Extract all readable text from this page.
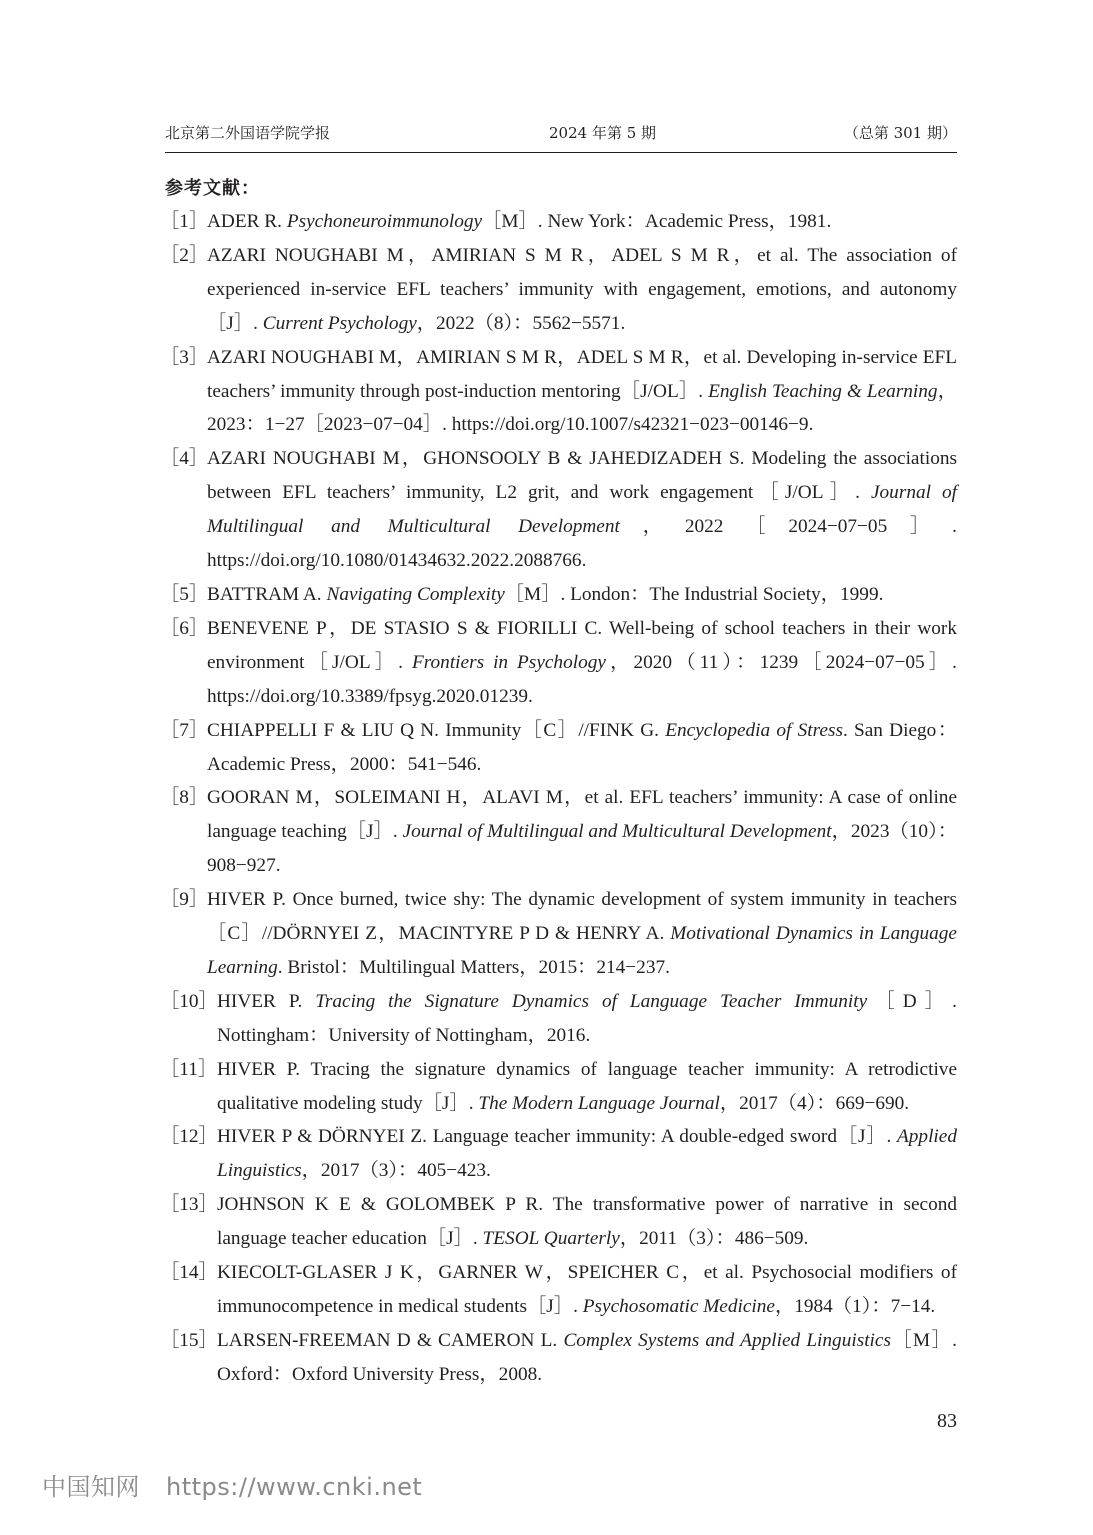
北京第二外国语学院学报	2024 年第 5 期	（总第 301 期）
参考文献：
［1］
ADER R. Psychoneuroimmunology［M］. New York：Academic Press，1981.
［2］
AZARI NOUGHABI M，AMIRIAN S M R，ADEL S M R，et al. The association of experienced in-service EFL teachers’ immunity with engagement, emotions, and autonomy［J］. Current Psychology，2022（8）：5562−5571.
［3］
AZARI NOUGHABI M，AMIRIAN S M R，ADEL S M R，et al. Developing in-service EFL teachers’ immunity through post-induction mentoring［J/OL］. English Teaching & Learning，2023：1−27［2023−07−04］. https://doi.org/10.1007/s42321−023−00146−9.
［4］
AZARI NOUGHABI M，GHONSOOLY B & JAHEDIZADEH S. Modeling the associations between EFL teachers’ immunity, L2 grit, and work engagement［J/OL］. Journal of Multilingual and Multicultural Development，2022［2024−07−05］. https://doi.org/10.1080/01434632.2022.2088766.
［5］
BATTRAM A. Navigating Complexity［M］. London：The Industrial Society，1999.
［6］
BENEVENE P，DE STASIO S & FIORILLI C. Well-being of school teachers in their work environment［J/OL］. Frontiers in Psychology，2020（11）：1239［2024−07−05］. https://doi.org/10.3389/fpsyg.2020.01239.
［7］
CHIAPPELLI F & LIU Q N. Immunity［C］//FINK G. Encyclopedia of Stress. San Diego：Academic Press，2000：541−546.
［8］
GOORAN M，SOLEIMANI H，ALAVI M，et al. EFL teachers’ immunity: A case of online language teaching［J］. Journal of Multilingual and Multicultural Development，2023（10）：908−927.
［9］
HIVER P. Once burned, twice shy: The dynamic development of system immunity in teachers［C］//DÖRNYEI Z，MACINTYRE P D & HENRY A. Motivational Dynamics in Language Learning. Bristol：Multilingual Matters，2015：214−237.
［10］ HIVER P. Tracing the Signature Dynamics of Language Teacher Immunity［D］. Nottingham：University of Nottingham，2016.
［11］ HIVER P. Tracing the signature dynamics of language teacher immunity: A retrodictive qualitative modeling study［J］. The Modern Language Journal，2017（4）：669−690.
［12］ HIVER P & DÖRNYEI Z. Language teacher immunity: A double-edged sword［J］. Applied Linguistics，2017（3）：405−423.
［13］ JOHNSON K E & GOLOMBEK P R. The transformative power of narrative in second language teacher education［J］. TESOL Quarterly，2011（3）：486−509.
［14］ KIECOLT-GLASER J K，GARNER W，SPEICHER C，et al. Psychosocial modifiers of immunocompetence in medical students［J］. Psychosomatic Medicine，1984（1）：7−14.
［15］ LARSEN-FREEMAN D & CAMERON L. Complex Systems and Applied Linguistics［M］. Oxford：Oxford University Press，2008.
83
中国知网 https://www.cnki.net
